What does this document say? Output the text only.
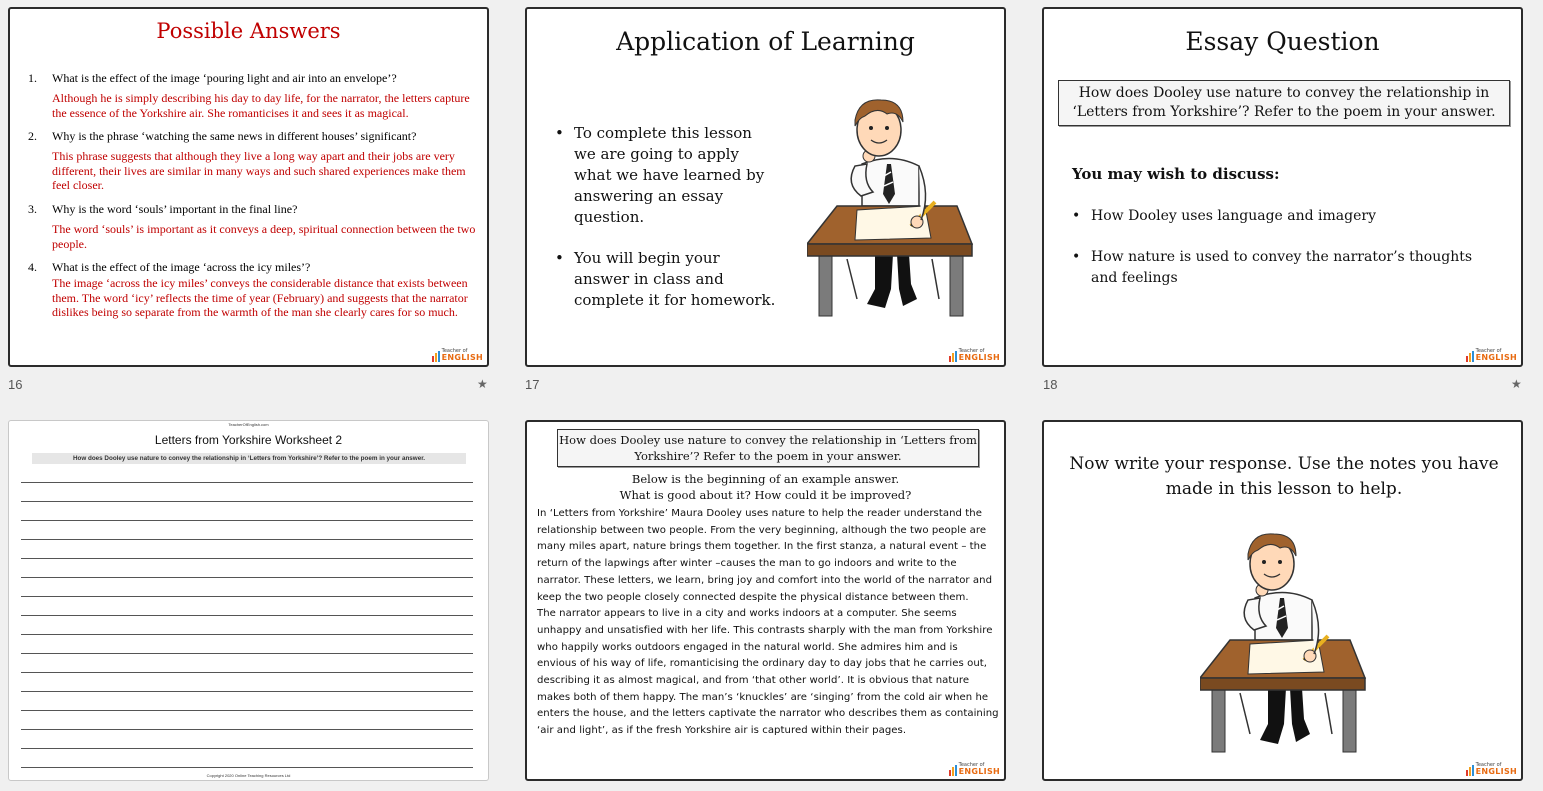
Possible Answers
1.	What is the effect of the image ‘pouring light and air into an envelope’?
Although he is simply describing his day to day life, for the narrator, the letters capture the essence of the Yorkshire air. She romanticises it and sees it as magical.
2.	Why is the phrase ‘watching the same news in different houses’ significant?
This phrase suggests that although they live a long way apart and their jobs are very different, their lives are similar in many ways and such shared experiences make them feel closer.
3.	Why is the word ‘souls’ important in the final line?
The word ‘souls’ is important as it conveys a deep, spiritual connection between the two people.
4.	What is the effect of the image ‘across the icy miles’?
The image ‘across the icy miles’ conveys the considerable distance that exists between them. The word ‘icy’ reflects the time of year (February) and suggests that the narrator dislikes being so separate from the warmth of the man she clearly cares for so much.
Teacher of
ENGLISH
16	★
Application of Learning
• To complete this lesson we are going to apply what we have learned by answering an essay question.
• You will begin your answer in class and complete it for homework.
Teacher of
ENGLISH
17
Essay Question
How does Dooley use nature to convey the relationship in ‘Letters from Yorkshire’? Refer to the poem in your answer.
You may wish to discuss:
• How Dooley uses language and imagery
• How nature is used to convey the narrator’s thoughts and feelings
Teacher of
ENGLISH
18	★
TeacherOfEnglish.com
Letters from Yorkshire Worksheet 2
How does Dooley use nature to convey the relationship in ‘Letters from Yorkshire’? Refer to the poem in your answer.
Copyright 2020 Online Teaching Resources Ltd
How does Dooley use nature to convey the relationship in ‘Letters from Yorkshire’? Refer to the poem in your answer.
Below is the beginning of an example answer.
What is good about it? How could it be improved?
In ‘Letters from Yorkshire’ Maura Dooley uses nature to help the reader understand the relationship between two people. From the very beginning, although the two people are many miles apart, nature brings them together. In the first stanza, a natural event – the return of the lapwings after winter –causes the man to go indoors and write to the narrator. These letters, we learn, bring joy and comfort into the world of the narrator and keep the two people closely connected despite the physical distance between them.
The narrator appears to live in a city and works indoors at a computer. She seems unhappy and unsatisfied with her life. This contrasts sharply with the man from Yorkshire who happily works outdoors engaged in the natural world. She admires him and is envious of his way of life, romanticising the ordinary day to day jobs that he carries out, describing it as almost magical, and from ‘that other world’. It is obvious that nature makes both of them happy. The man’s ‘knuckles’ are ‘singing’ from the cold air when he enters the house, and the letters captivate the narrator who describes them as containing ‘air and light’, as if the fresh Yorkshire air is captured within their pages.
Teacher of
ENGLISH
Now write your response. Use the notes you have made in this lesson to help.
Teacher of
ENGLISH
